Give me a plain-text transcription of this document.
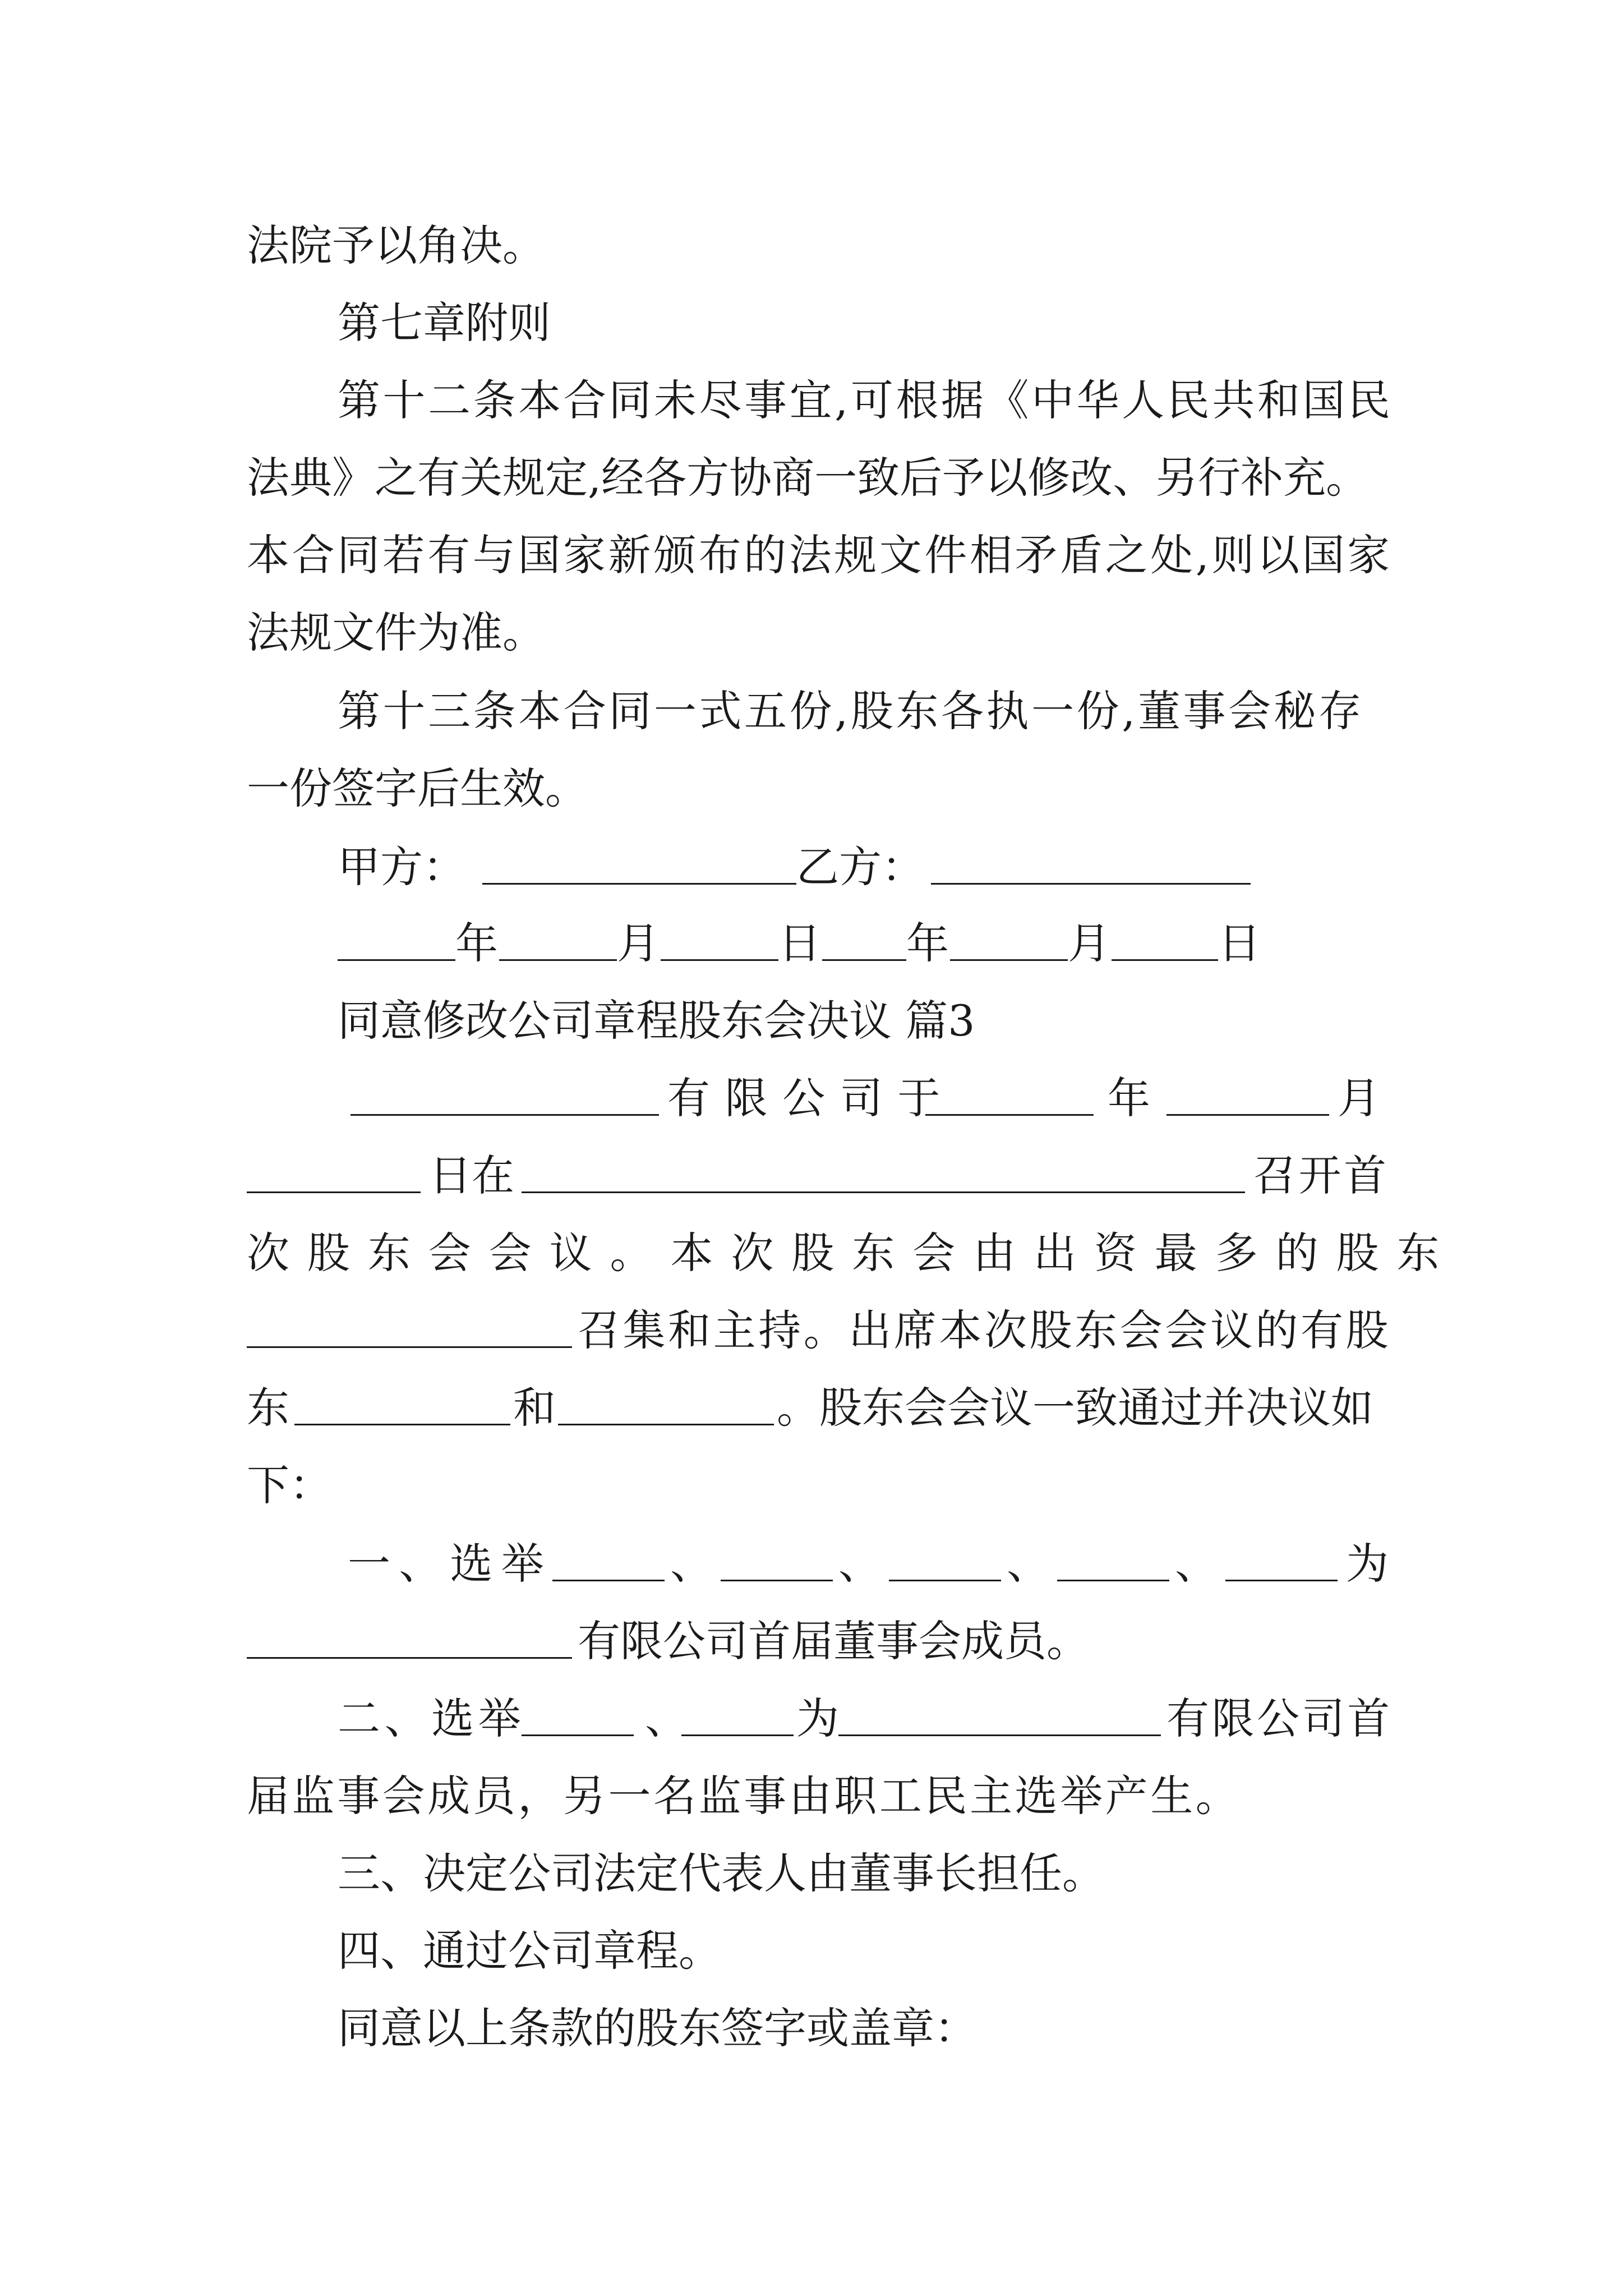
法院予以角决。
第七章附则
第十二条本合同未尽事宜,可根据《中华人民共和国民
法典》之有关规定,经各方协商一致后予以修改、另行补充。
本合同若有与国家新颁布的法规文件相矛盾之处,则以国家
法规文件为准。
第十三条本合同一式五份,股东各执一份,董事会秘存
一份签字后生效。
甲方：	乙方：
年	月	日 年	月	日
同意修改公司章程股东会决议 篇3
有限公司于	年	月
日在	召开首
次股东会会议。本次股东会由出资最多的股东
召集和主持。出席本次股东会会议的有股
东	和	。股东会会议一致通过并决议如
下：
一、选举	、	、	、	、	为
有限公司首届董事会成员。
二、选举	、	为	有限公司首
届监事会成员，另一名监事由职工民主选举产生。
三、决定公司法定代表人由董事长担任。
四、通过公司章程。
同意以上条款的股东签字或盖章：
